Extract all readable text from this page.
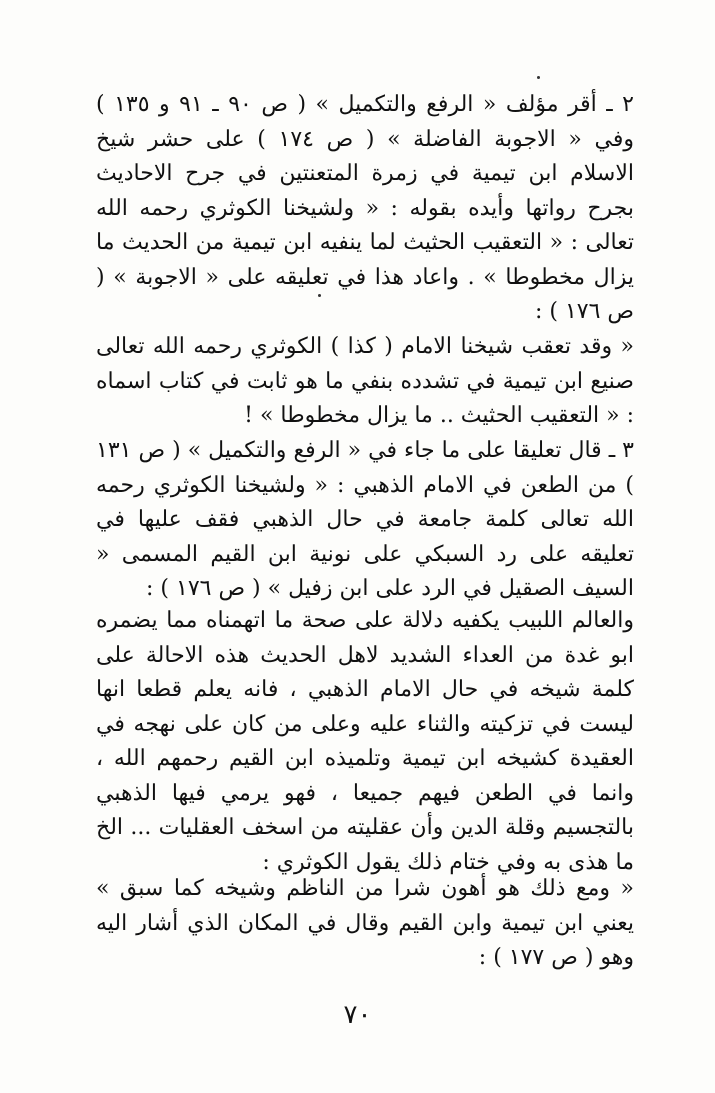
٢ ـ أقر مؤلف « الرفع والتكميل » ( ص ٩٠ ـ ٩١ و ١٣٥ ) وفي « الاجوبة الفاضلة » ( ص ١٧٤ ) على حشر شيخ الاسلام ابن تيمية في زمرة المتعنتين في جرح الاحاديث بجرح رواتها وأيده بقوله : « ولشيخنا الكوثري رحمه الله تعالى : « التعقيب الحثيث لما ينفيه ابن تيمية من الحديث ما يزال مخطوطا » . واعاد هذا في تعليقه على « الاجوبة » ( ص ١٧٦ ) :

« وقد تعقب شيخنا الامام ( كذا ) الكوثري رحمه الله تعالى صنيع ابن تيمية في تشدده بنفي ما هو ثابت في كتاب اسماه : « التعقيب الحثيث .. ما يزال مخطوطا » !

٣ ـ قال تعليقا على ما جاء في « الرفع والتكميل » ( ص ١٣١ ) من الطعن في الامام الذهبي : « ولشيخنا الكوثري رحمه الله تعالى كلمة جامعة في حال الذهبي فقف عليها في تعليقه على رد السبكي على نونية ابن القيم المسمى « السيف الصقيل في الرد على ابن زفيل » ( ص ١٧٦ ) :

والعالم اللبيب يكفيه دلالة على صحة ما اتهمناه مما يضمره ابو غدة من العداء الشديد لاهل الحديث هذه الاحالة على كلمة شيخه في حال الامام الذهبي ، فانه يعلم قطعا انها ليست في تزكيته والثناء عليه وعلى من كان على نهجه في العقيدة كشيخه ابن تيمية وتلميذه ابن القيم رحمهم الله ، وانما في الطعن فيهم جميعا ، فهو يرمي فيها الذهبي بالتجسيم وقلة الدين وأن عقليته من اسخف العقليات ... الخ ما هذى به وفي ختام ذلك يقول الكوثري :

« ومع ذلك هو أهون شرا من الناظم وشيخه كما سبق » يعني ابن تيمية وابن القيم وقال في المكان الذي أشار اليه وهو ( ص ١٧٧ ) :

٧٠
